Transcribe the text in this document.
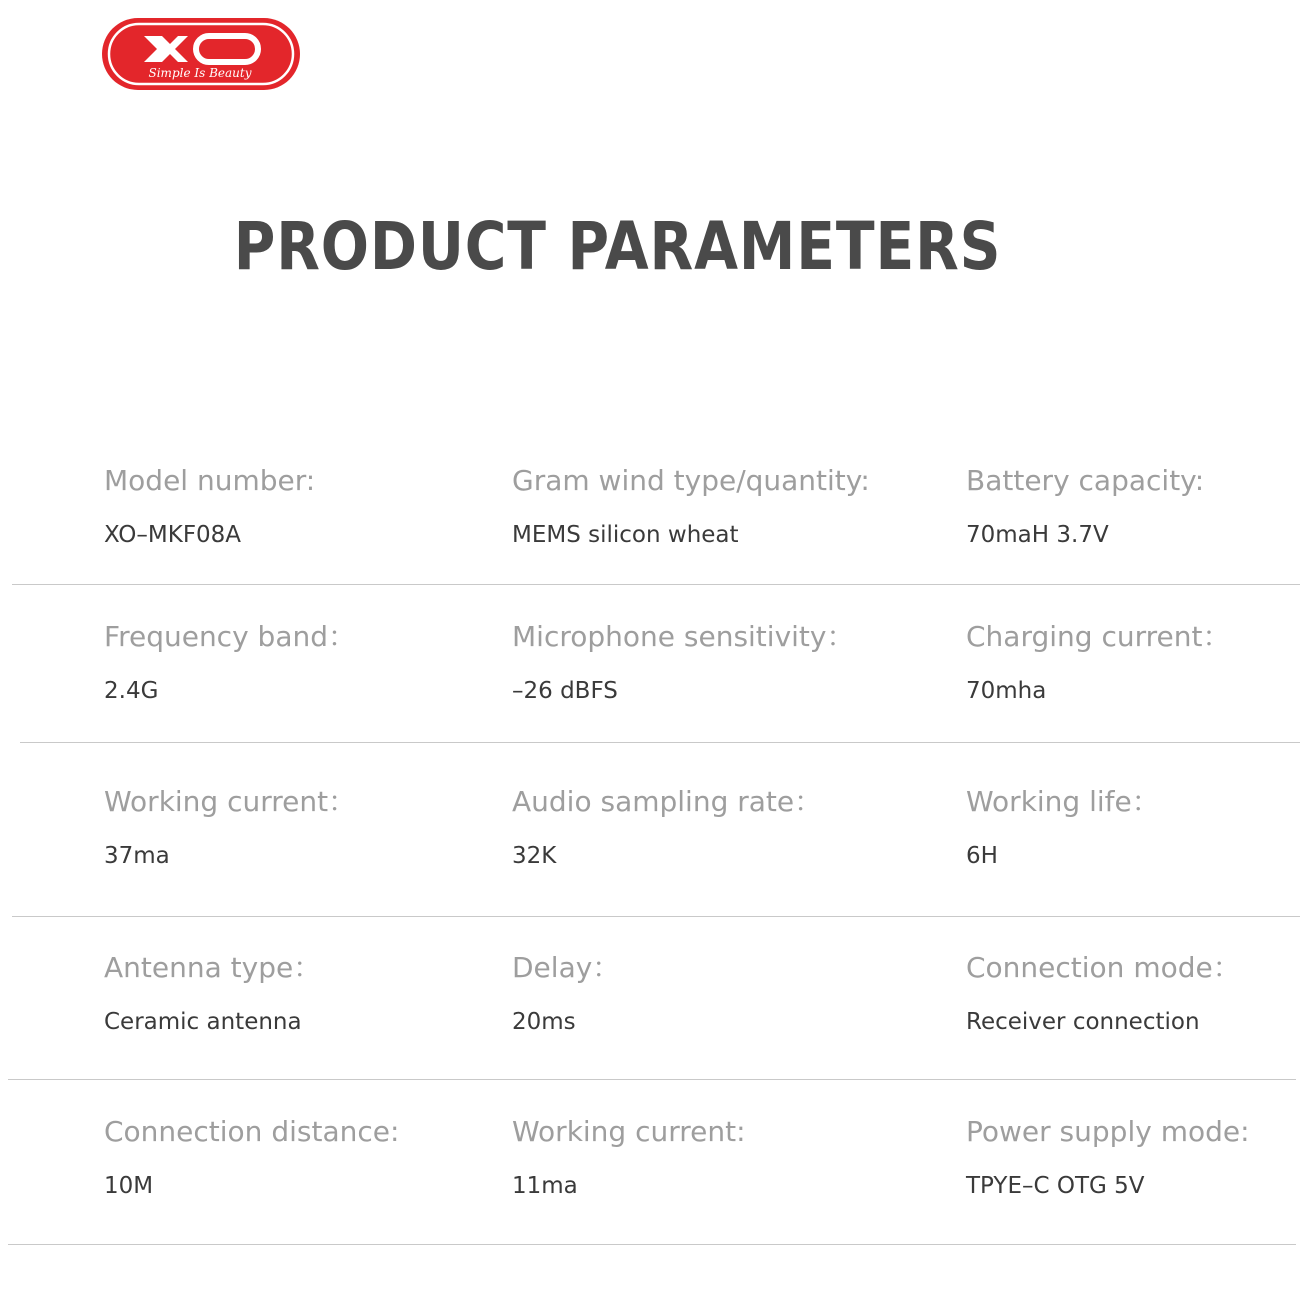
Simple Is Beauty
PRODUCT PARAMETERS
Model number:
XO–MKF08A
Gram wind type/quantity:
MEMS silicon wheat
Battery capacity:
70maH 3.7V
Frequency band：
2.4G
Microphone sensitivity：
–26 dBFS
Charging current：
70mha
Working current：
37ma
Audio sampling rate：
32K
Working life：
6H
Antenna type：
Ceramic antenna
Delay：
20ms
Connection mode：
Receiver connection
Connection distance:
10M
Working current:
11ma
Power supply mode:
TPYE–C OTG 5V
